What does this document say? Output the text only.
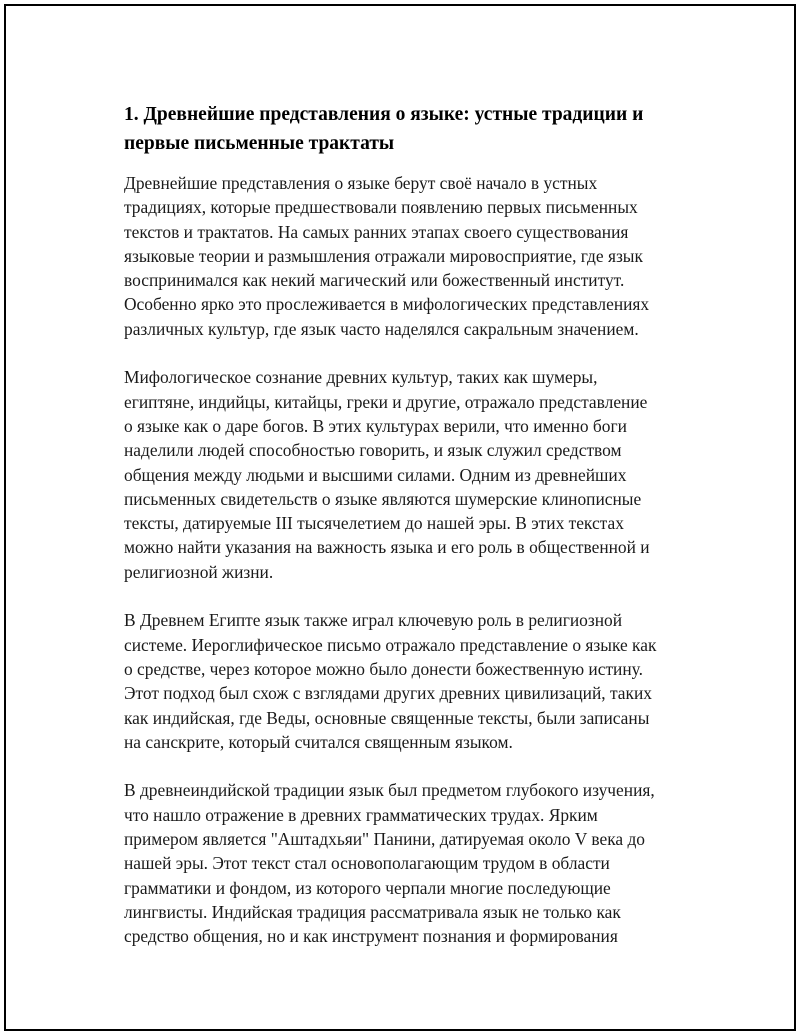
1. Древнейшие представления о языке: устные традиции и
первые письменные трактаты

Древнейшие представления о языке берут своё начало в устных
традициях, которые предшествовали появлению первых письменных
текстов и трактатов. На самых ранних этапах своего существования
языковые теории и размышления отражали мировосприятие, где язык
воспринимался как некий магический или божественный институт.
Особенно ярко это прослеживается в мифологических представлениях
различных культур, где язык часто наделялся сакральным значением.

Мифологическое сознание древних культур, таких как шумеры,
египтяне, индийцы, китайцы, греки и другие, отражало представление
о языке как о даре богов. В этих культурах верили, что именно боги
наделили людей способностью говорить, и язык служил средством
общения между людьми и высшими силами. Одним из древнейших
письменных свидетельств о языке являются шумерские клинописные
тексты, датируемые III тысячелетием до нашей эры. В этих текстах
можно найти указания на важность языка и его роль в общественной и
религиозной жизни.

В Древнем Египте язык также играл ключевую роль в религиозной
системе. Иероглифическое письмо отражало представление о языке как
о средстве, через которое можно было донести божественную истину.
Этот подход был схож с взглядами других древних цивилизаций, таких
как индийская, где Веды, основные священные тексты, были записаны
на санскрите, который считался священным языком.

В древнеиндийской традиции язык был предметом глубокого изучения,
что нашло отражение в древних грамматических трудах. Ярким
примером является "Аштадхьяи" Панини, датируемая около V века до
нашей эры. Этот текст стал основополагающим трудом в области
грамматики и фондом, из которого черпали многие последующие
лингвисты. Индийская традиция рассматривала язык не только как
средство общения, но и как инструмент познания и формирования
